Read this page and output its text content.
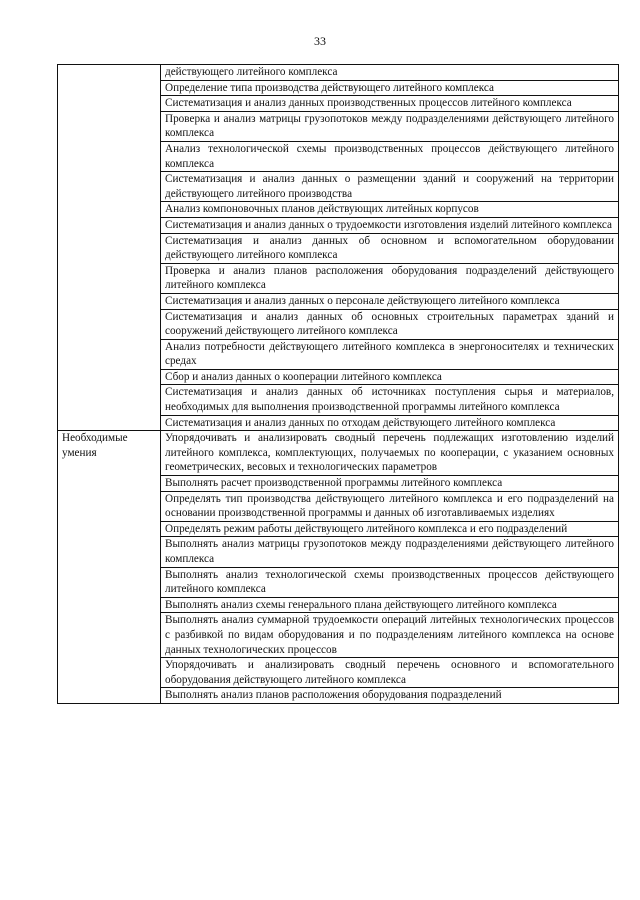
33

	действующего литейного комплекса

	Определение типа производства действующего литейного комплекса

	Систематизация и анализ данных производственных процессов литейного комплекса

	Проверка и анализ матрицы грузопотоков между подразделениями действующего литейного комплекса

	Анализ технологической схемы производственных процессов действующего литейного комплекса

	Систематизация и анализ данных о размещении зданий и сооружений на территории действующего литейного производства

	Анализ компоновочных планов действующих литейных корпусов

	Систематизация и анализ данных о трудоемкости изготовления изделий литейного комплекса

	Систематизация и анализ данных об основном и вспомогательном оборудовании действующего литейного комплекса

	Проверка и анализ планов расположения оборудования подразделений действующего литейного комплекса

	Систематизация и анализ данных о персонале действующего литейного комплекса

	Систематизация и анализ данных об основных строительных параметрах зданий и сооружений действующего литейного комплекса

	Анализ потребности действующего литейного комплекса в энергоносителях и технических средах

	Сбор и анализ данных о кооперации литейного комплекса

	Систематизация и анализ данных об источниках поступления сырья и материалов, необходимых для выполнения производственной программы литейного комплекса

	Систематизация и анализ данных по отходам действующего литейного комплекса

Необходимые умения	Упорядочивать и анализировать сводный перечень подлежащих изготовлению изделий литейного комплекса, комплектующих, получаемых по кооперации, с указанием основных геометрических, весовых и технологических параметров

	Выполнять расчет производственной программы литейного комплекса

	Определять тип производства действующего литейного комплекса и его подразделений на основании производственной программы и данных об изготавливаемых изделиях

	Определять режим работы действующего литейного комплекса и его подразделений

	Выполнять анализ матрицы грузопотоков между подразделениями действующего литейного комплекса

	Выполнять анализ технологической схемы производственных процессов действующего литейного комплекса

	Выполнять анализ схемы генерального плана действующего литейного комплекса

	Выполнять анализ суммарной трудоемкости операций литейных технологических процессов с разбивкой по видам оборудования и по подразделениям литейного комплекса на основе данных технологических процессов

	Упорядочивать и анализировать сводный перечень основного и вспомогательного оборудования действующего литейного комплекса

	Выполнять анализ планов расположения оборудования подразделений
